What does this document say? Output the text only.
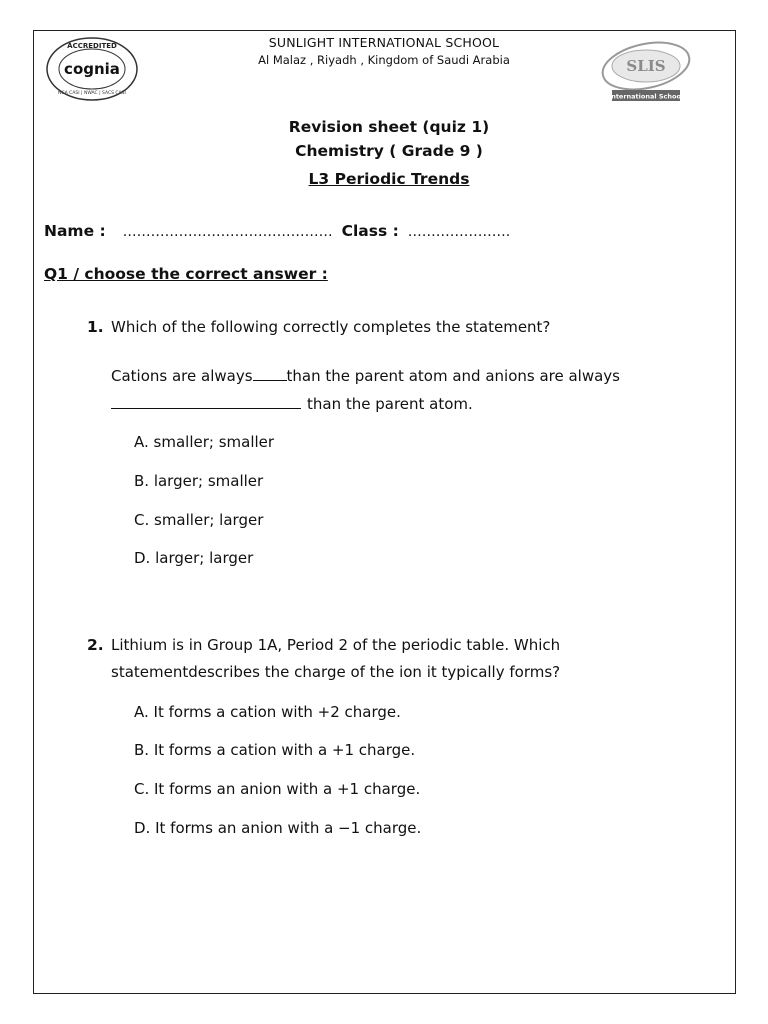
ACCREDITED
cognia
NCA CASI | NWAC | SACS CASI
SUNLIGHT INTERNATIONAL SCHOOL
Al Malaz , Riyadh , Kingdom of Saudi Arabia	SLIS
International School
Revision sheet (quiz 1)
Chemistry ( Grade 9 )
L3 Periodic Trends
Name : ……………………………………… Class : ………………….
Q1 / choose the correct answer :
1. Which of the following correctly completes the statement?
Cations are always than the parent atom and anions are always
than the parent atom.
A. smaller; smaller
B. larger; smaller
C. smaller; larger
D. larger; larger
2. Lithium is in Group 1A, Period 2 of the periodic table. Which
statementdescribes the charge of the ion it typically forms?
A. It forms a cation with +2 charge.
B. It forms a cation with a +1 charge.
C. It forms an anion with a +1 charge.
D. It forms an anion with a −1 charge.
